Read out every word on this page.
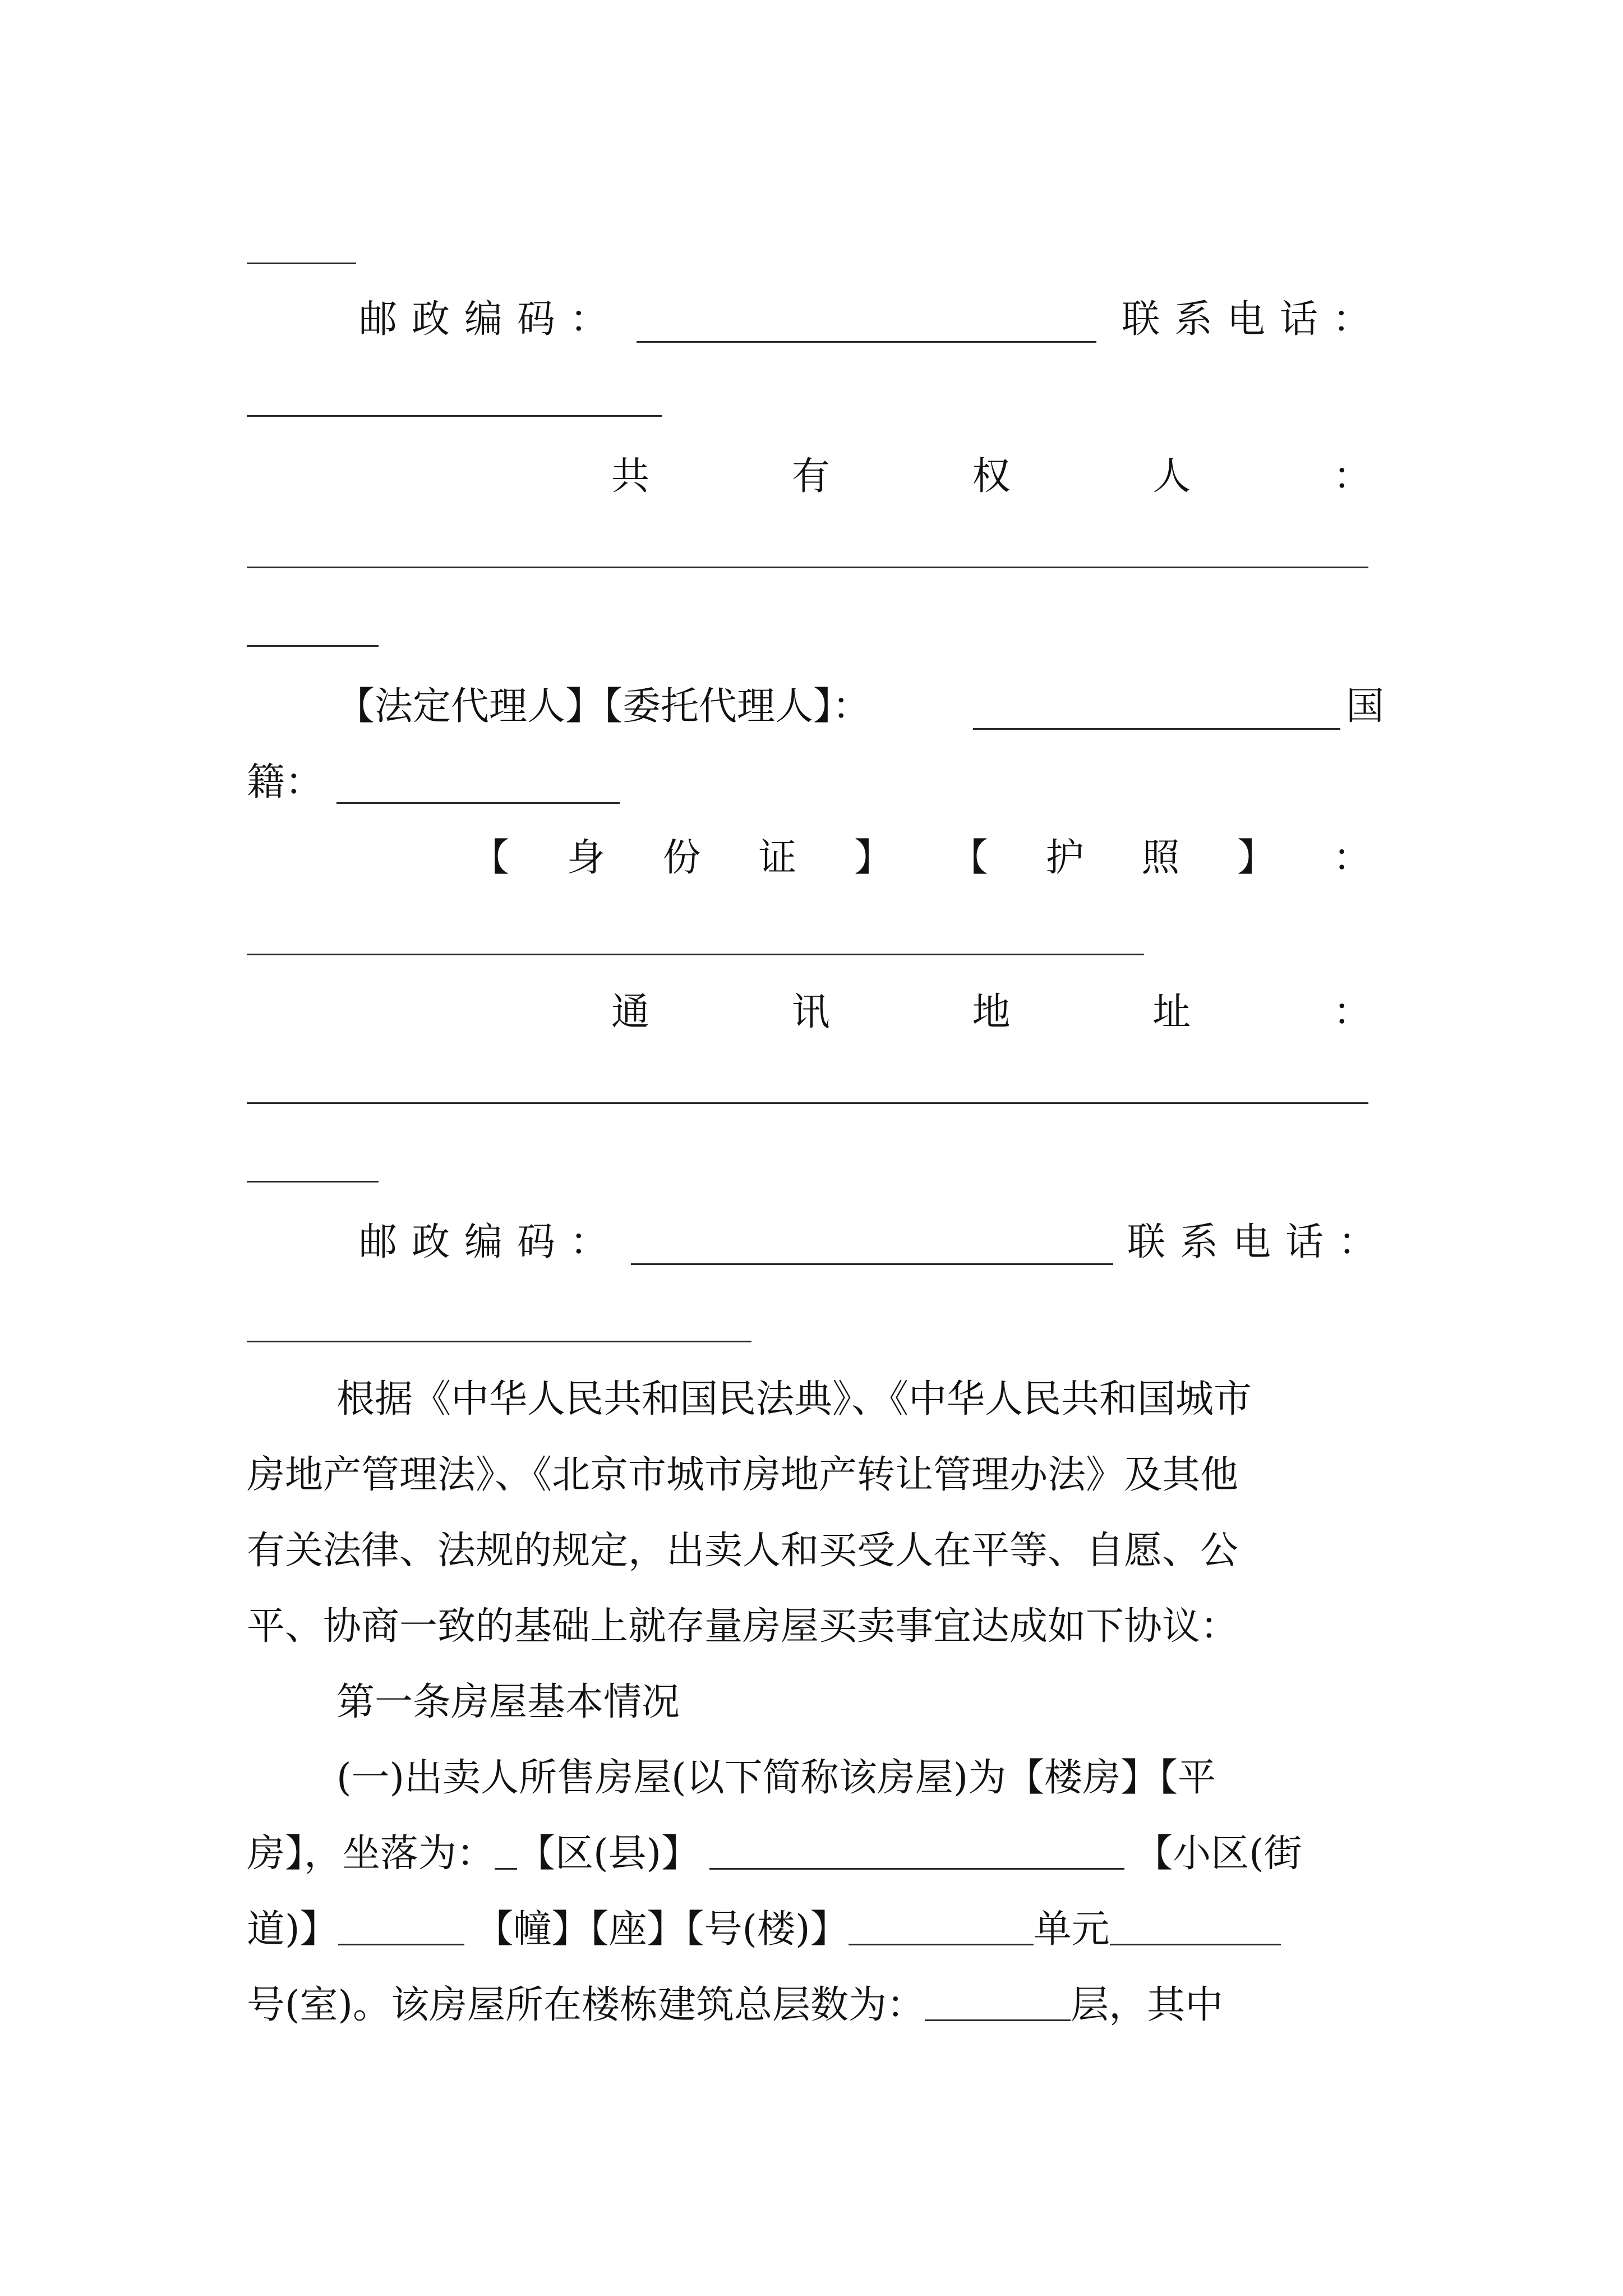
邮政编码：	联系电话：
共	有	权	人	：
【法定代理人】【委托代理人】：	国
籍：
【 身 份 证 】 【 护 照 】 ：
通	讯	地	址	：
邮政编码：	联系电话：
根据《中华人民共和国民法典》、《中华人民共和国城市
房地产管理法》、《北京市城市房地产转让管理办法》及其他
有关法律、法规的规定，出卖人和买受人在平等、自愿、公
平、协商一致的基础上就存量房屋买卖事宜达成如下协议：
第一条房屋基本情况
(一)出卖人所售房屋(以下简称该房屋)为【楼房】【平
房】，坐落为： 【区(县)】	【小区(街
道)】	【幢】【座】【号(楼)】	单元
号(室)。该房屋所在楼栋建筑总层数为：	层，其中
